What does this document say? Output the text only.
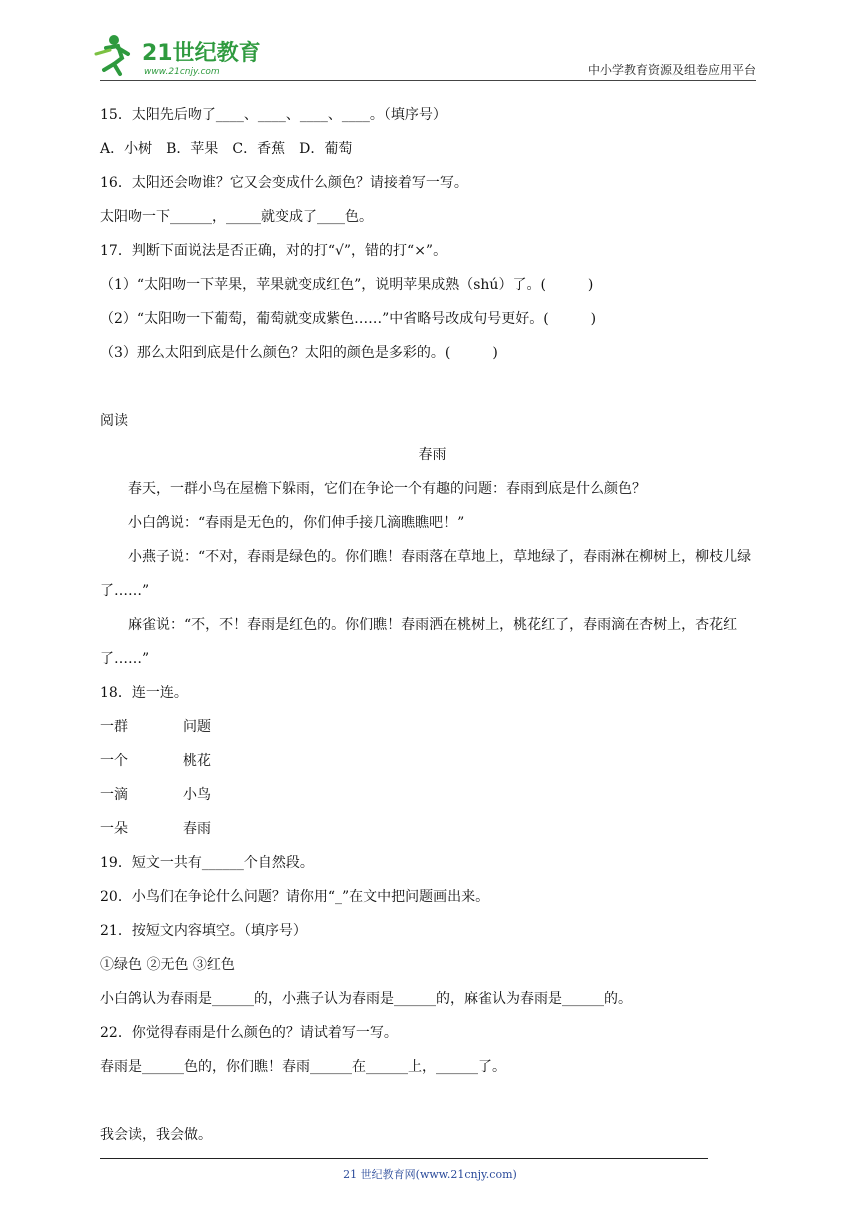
21世纪教育
www.21cnjy.com	中小学教育资源及组卷应用平台
15．太阳先后吻了____、____、____、____。（填序号）
A．小树　B．苹果　C．香蕉　D．葡萄
16．太阳还会吻谁？它又会变成什么颜色？请接着写一写。
太阳吻一下______，_____就变成了____色。
17．判断下面说法是否正确，对的打“√”，错的打“×”。
（1）“太阳吻一下苹果，苹果就变成红色”，说明苹果成熟（shú）了。(　　　)
（2）“太阳吻一下葡萄，葡萄就变成紫色……”中省略号改成句号更好。(　　　)
（3）那么太阳到底是什么颜色？太阳的颜色是多彩的。(　　　)
阅读
春雨
春天，一群小鸟在屋檐下躲雨，它们在争论一个有趣的问题：春雨到底是什么颜色？
小白鸽说：“春雨是无色的，你们伸手接几滴瞧瞧吧！”
小燕子说：“不对，春雨是绿色的。你们瞧！春雨落在草地上，草地绿了，春雨淋在柳树上，柳枝儿绿了……”
麻雀说：“不，不！春雨是红色的。你们瞧！春雨洒在桃树上，桃花红了，春雨滴在杏树上，杏花红了……”
18．连一连。
一群	问题
一个	桃花
一滴	小鸟
一朵	春雨
19．短文一共有______个自然段。
20．小鸟们在争论什么问题？请你用“_”在文中把问题画出来。
21．按短文内容填空。（填序号）
①绿色 ②无色 ③红色
小白鸽认为春雨是______的，小燕子认为春雨是______的，麻雀认为春雨是______的。
22．你觉得春雨是什么颜色的？请试着写一写。
春雨是______色的，你们瞧！春雨______在______上，______了。
我会读，我会做。
21 世纪教育网(www.21cnjy.com)
